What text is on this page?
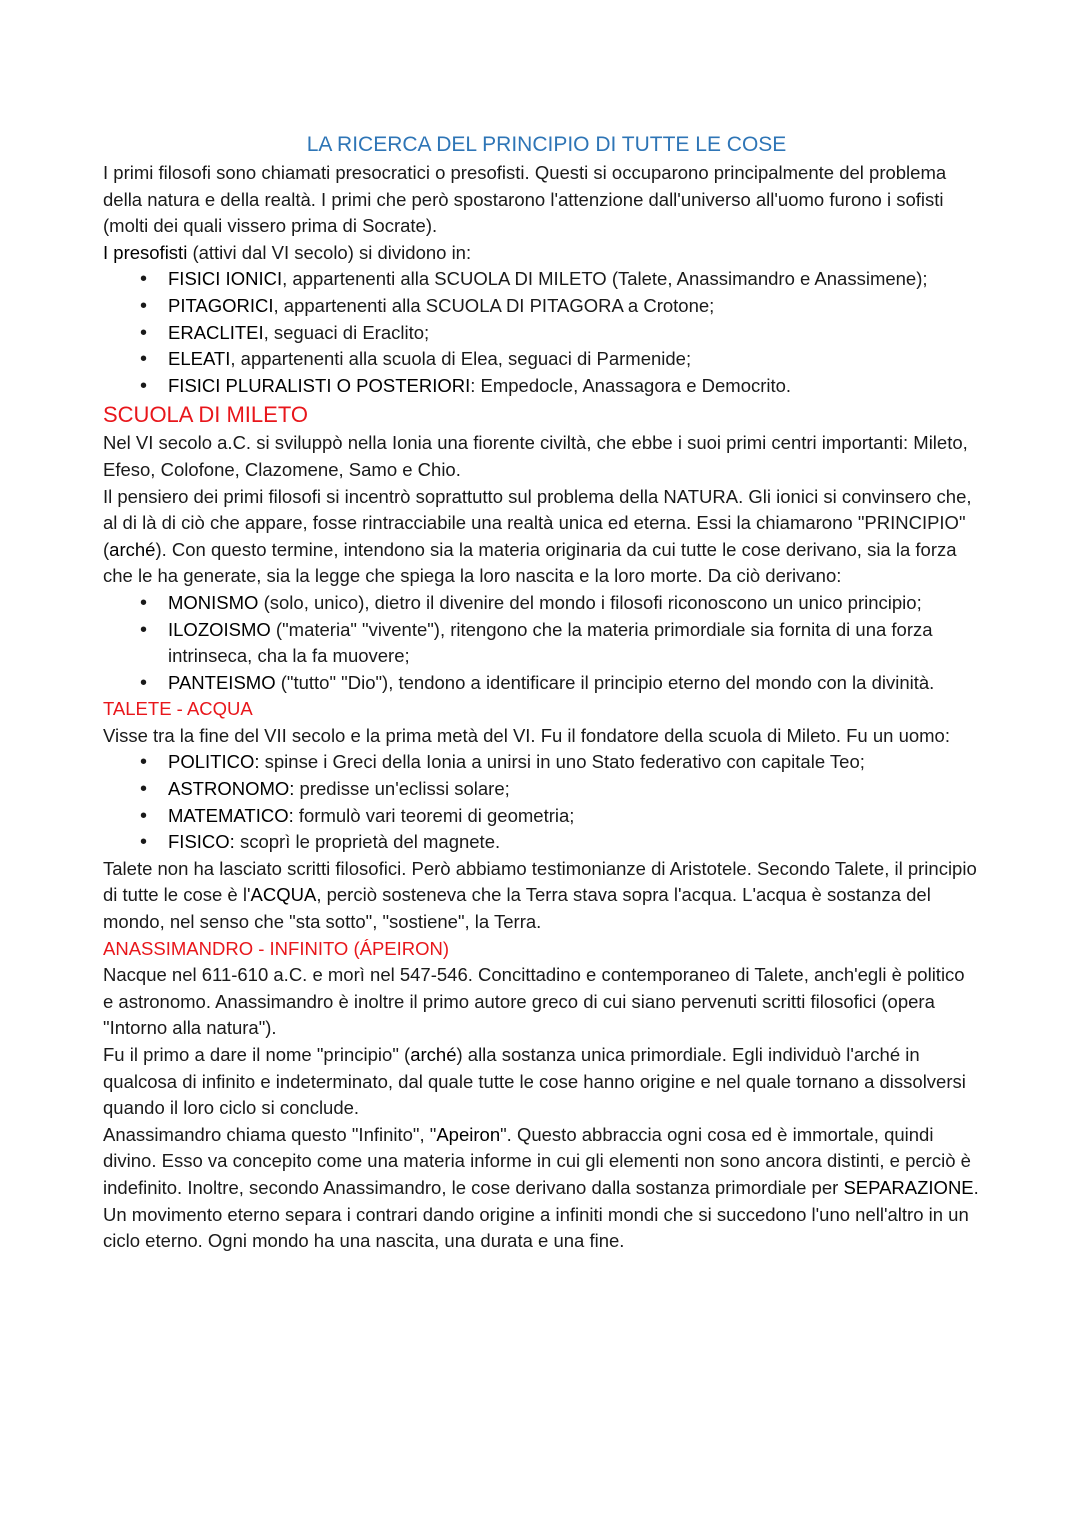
LA RICERCA DEL PRINCIPIO DI TUTTE LE COSE

I primi filosofi sono chiamati presocratici o presofisti. Questi si occuparono principalmente del problema della natura e della realtà. I primi che però spostarono l'attenzione dall'universo all'uomo furono i sofisti (molti dei quali vissero prima di Socrate).

I presofisti (attivi dal VI secolo) si dividono in:

• FISICI IONICI, appartenenti alla SCUOLA DI MILETO (Talete, Anassimandro e Anassimene);
• PITAGORICI, appartenenti alla SCUOLA DI PITAGORA a Crotone;
• ERACLITEI, seguaci di Eraclito;
• ELEATI, appartenenti alla scuola di Elea, seguaci di Parmenide;
• FISICI PLURALISTI O POSTERIORI: Empedocle, Anassagora e Democrito.
SCUOLA DI MILETO

Nel VI secolo a.C. si sviluppò nella Ionia una fiorente civiltà, che ebbe i suoi primi centri importanti: Mileto, Efeso, Colofone, Clazomene, Samo e Chio.

Il pensiero dei primi filosofi si incentrò soprattutto sul problema della NATURA. Gli ionici si convinsero che, al di là di ciò che appare, fosse rintracciabile una realtà unica ed eterna. Essi la chiamarono "PRINCIPIO" (arché). Con questo termine, intendono sia la materia originaria da cui tutte le cose derivano, sia la forza che le ha generate, sia la legge che spiega la loro nascita e la loro morte. Da ciò derivano:

• MONISMO (solo, unico), dietro il divenire del mondo i filosofi riconoscono un unico principio;
• ILOZOISMO ("materia" "vivente"), ritengono che la materia primordiale sia fornita di una forza intrinseca, cha la fa muovere;
• PANTEISMO ("tutto" "Dio"), tendono a identificare il principio eterno del mondo con la divinità.
TALETE - ACQUA

Visse tra la fine del VII secolo e la prima metà del VI. Fu il fondatore della scuola di Mileto. Fu un uomo:

• POLITICO: spinse i Greci della Ionia a unirsi in uno Stato federativo con capitale Teo;
• ASTRONOMO: predisse un'eclissi solare;
• MATEMATICO: formulò vari teoremi di geometria;
• FISICO: scoprì le proprietà del magnete.

Talete non ha lasciato scritti filosofici. Però abbiamo testimonianze di Aristotele. Secondo Talete, il principio di tutte le cose è l'ACQUA, perciò sosteneva che la Terra stava sopra l'acqua. L'acqua è sostanza del mondo, nel senso che "sta sotto", "sostiene", la Terra.

ANASSIMANDRO - INFINITO (ÁPEIRON)

Nacque nel 611-610 a.C. e morì nel 547-546. Concittadino e contemporaneo di Talete, anch'egli è politico e astronomo. Anassimandro è inoltre il primo autore greco di cui siano pervenuti scritti filosofici (opera "Intorno alla natura").

Fu il primo a dare il nome "principio" (arché) alla sostanza unica primordiale. Egli individuò l'arché in qualcosa di infinito e indeterminato, dal quale tutte le cose hanno origine e nel quale tornano a dissolversi quando il loro ciclo si conclude.

Anassimandro chiama questo "Infinito", "Apeiron". Questo abbraccia ogni cosa ed è immortale, quindi divino. Esso va concepito come una materia informe in cui gli elementi non sono ancora distinti, e perciò è indefinito. Inoltre, secondo Anassimandro, le cose derivano dalla sostanza primordiale per SEPARAZIONE. Un movimento eterno separa i contrari dando origine a infiniti mondi che si succedono l'uno nell'altro in un ciclo eterno. Ogni mondo ha una nascita, una durata e una fine.
